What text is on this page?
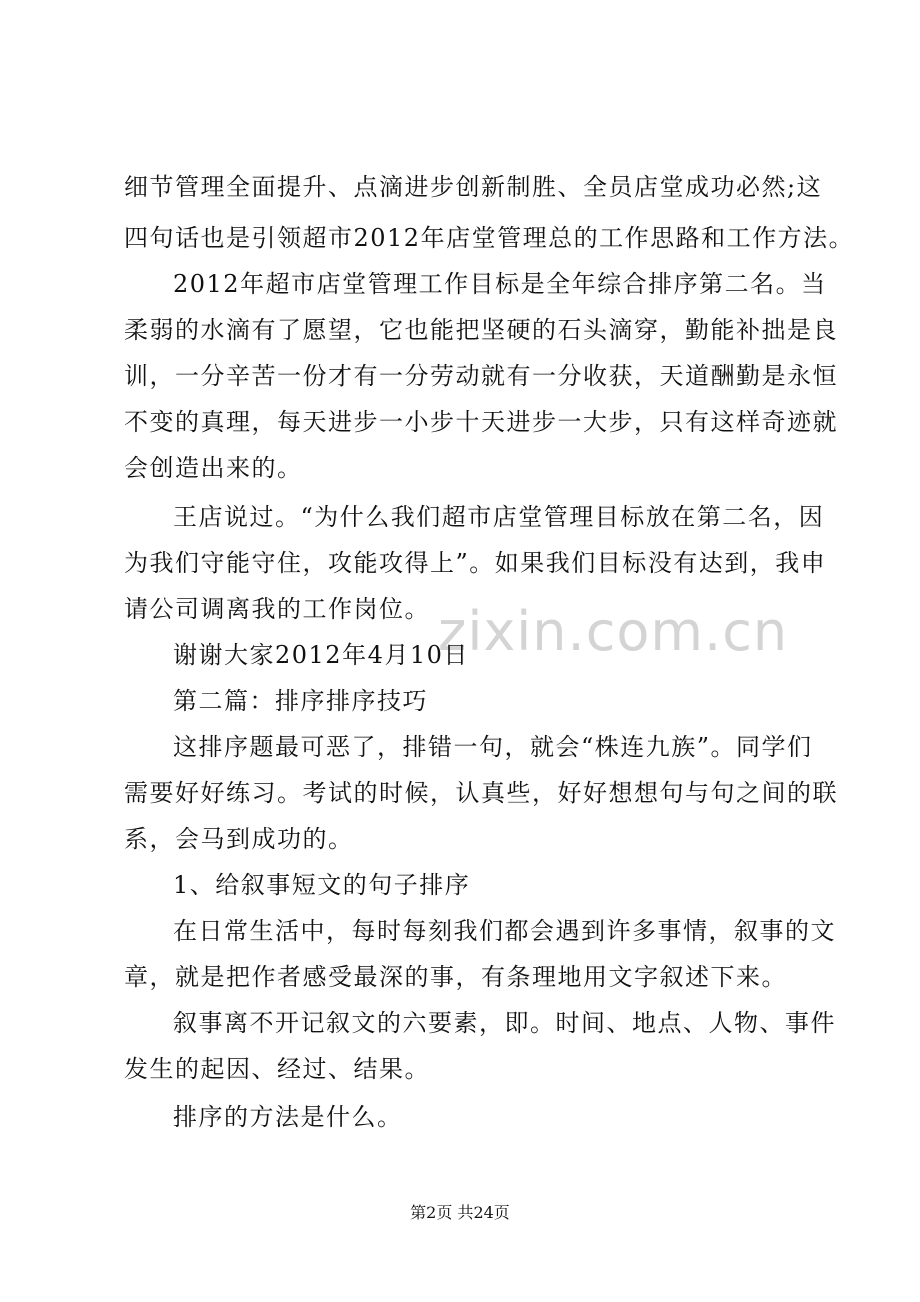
zixin.com.cn
细节管理全面提升、点滴进步创新制胜、全员店堂成功必然;这
四句话也是引领超市2012年店堂管理总的工作思路和工作方法。
2012年超市店堂管理工作目标是全年综合排序第二名。当
柔弱的水滴有了愿望，它也能把坚硬的石头滴穿，勤能补拙是良
训，一分辛苦一份才有一分劳动就有一分收获，天道酬勤是永恒
不变的真理，每天进步一小步十天进步一大步，只有这样奇迹就
会创造出来的。
王店说过。“为什么我们超市店堂管理目标放在第二名，因
为我们守能守住，攻能攻得上”。如果我们目标没有达到，我申
请公司调离我的工作岗位。
谢谢大家2012年4月10日
第二篇：排序排序技巧
这排序题最可恶了，排错一句，就会“株连九族”。同学们
需要好好练习。考试的时候，认真些，好好想想句与句之间的联
系，会马到成功的。
1、给叙事短文的句子排序
在日常生活中，每时每刻我们都会遇到许多事情，叙事的文
章，就是把作者感受最深的事，有条理地用文字叙述下来。
叙事离不开记叙文的六要素，即。时间、地点、人物、事件
发生的起因、经过、结果。
排序的方法是什么。
第2页 共24页
